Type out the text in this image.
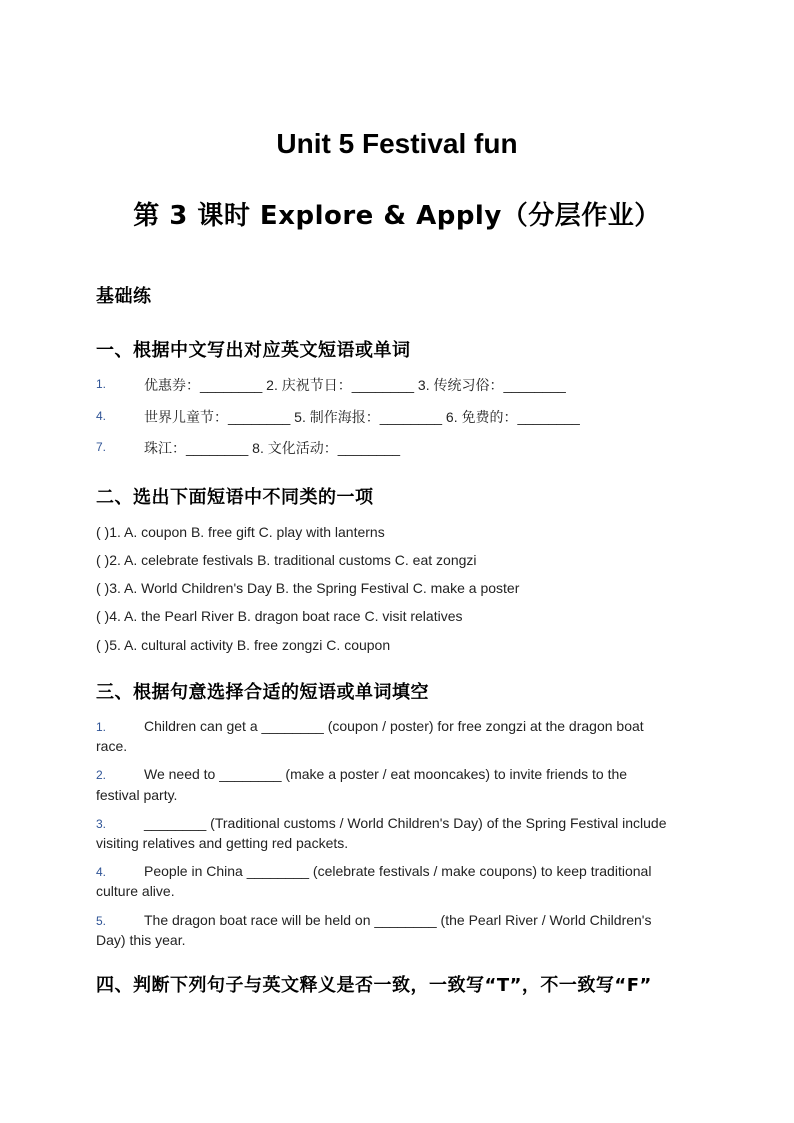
Unit 5 Festival fun
第 3 课时 Explore & Apply（分层作业）
基础练
一、根据中文写出对应英文短语或单词
1.	优惠券：________ 2. 庆祝节日：________ 3. 传统习俗：________
4.	世界儿童节：________ 5. 制作海报：________ 6. 免费的：________
7.	珠江：________ 8. 文化活动：________
二、选出下面短语中不同类的一项
( )1. A. coupon B. free gift C. play with lanterns
( )2. A. celebrate festivals B. traditional customs C. eat zongzi
( )3. A. World Children's Day B. the Spring Festival C. make a poster
( )4. A. the Pearl River B. dragon boat race C. visit relatives
( )5. A. cultural activity B. free zongzi C. coupon
三、根据句意选择合适的短语或单词填空
1.	Children can get a ________ (coupon / poster) for free zongzi at the dragon boat
race.
2.	We need to ________ (make a poster / eat mooncakes) to invite friends to the
festival party.
3.	________ (Traditional customs / World Children's Day) of the Spring Festival include
visiting relatives and getting red packets.
4.	People in China ________ (celebrate festivals / make coupons) to keep traditional
culture alive.
5.	The dragon boat race will be held on ________ (the Pearl River / World Children's
Day) this year.
四、判断下列句子与英文释义是否一致，一致写“T”，不一致写“F”
